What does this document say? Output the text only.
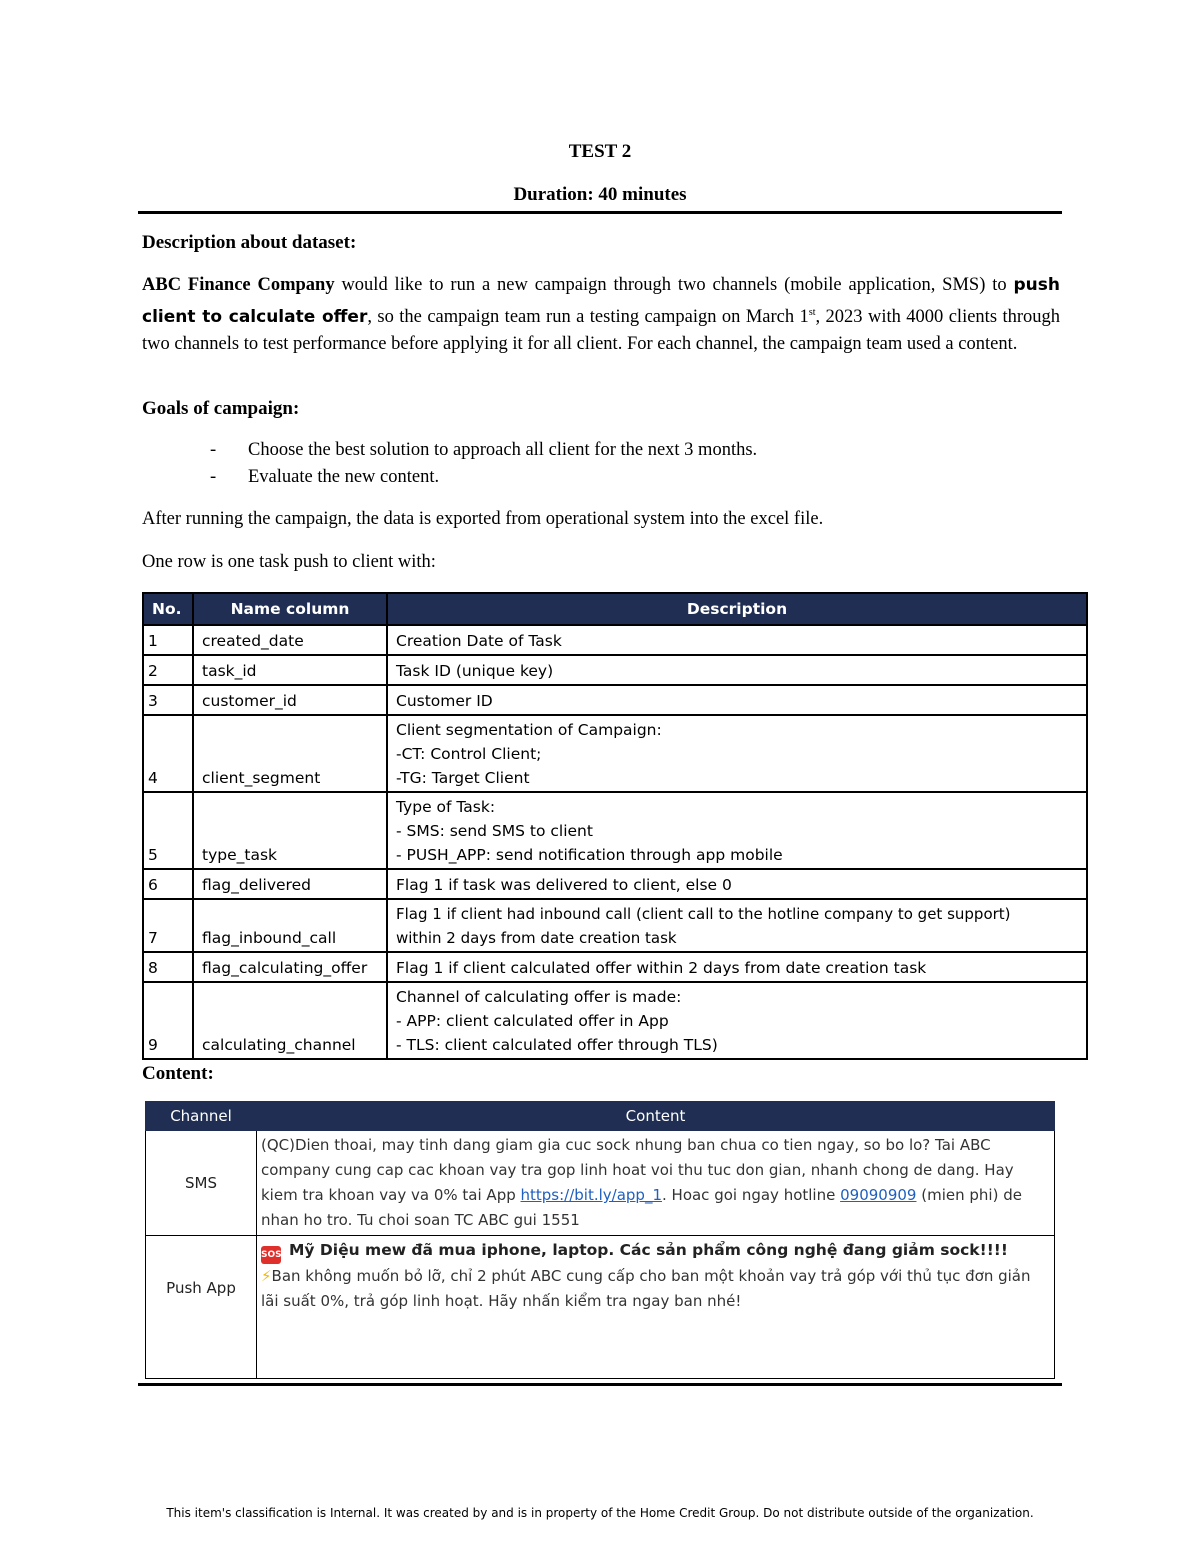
TEST 2
Duration: 40 minutes
Description about dataset:

ABC Finance Company would like to run a new campaign through two channels (mobile application, SMS) to push client to calculate offer, so the campaign team run a testing campaign on March 1st, 2023 with 4000 clients through two channels to test performance before applying it for all client. For each channel, the campaign team used a content.

Goals of campaign:
- Choose the best solution to approach all client for the next 3 months.
- Evaluate the new content.
After running the campaign, the data is exported from operational system into the excel file.
One row is one task push to client with:
No.	Name column	Description
1	created_date	Creation Date of Task
2	task_id	Task ID (unique key)
3	customer_id	Customer ID
4	client_segment	Client segmentation of Campaign:
-CT: Control Client;
-TG: Target Client

5	type_task	Type of Task:
- SMS: send SMS to client
- PUSH_APP: send notification through app mobile

6	flag_delivered	Flag 1 if task was delivered to client, else 0
7	flag_inbound_call	Flag 1 if client had inbound call (client call to the hotline company to get support)
within 2 days from date creation task

8	flag_calculating_offer	Flag 1 if client calculated offer within 2 days from date creation task
9	calculating_channel	Channel of calculating offer is made:
- APP: client calculated offer in App
- TLS: client calculated offer through TLS)
Content:
Channel	Content
SMS	(QC)Dien thoai, may tinh dang giam gia cuc sock nhung ban chua co tien ngay, so bo lo? Tai ABC company cung cap cac khoan vay tra gop linh hoat voi thu tuc don gian, nhanh chong de dang. Hay kiem tra khoan vay va 0% tai App https://bit.ly/app_1. Hoac goi ngay hotline 09090909 (mien phi) de nhan ho tro. Tu choi soan TC ABC gui 1551
Push App	SOS Mỹ Diệu mew đã mua iphone, laptop. Các sản phẩm công nghệ đang giảm sock!!!!
⚡Ban không muốn bỏ lỡ, chỉ 2 phút ABC cung cấp cho ban một khoản vay trả góp với thủ tục đơn giản lãi suất 0%, trả góp linh hoạt. Hãy nhấn kiểm tra ngay ban nhé!
This item's classification is Internal. It was created by and is in property of the Home Credit Group. Do not distribute outside of the organization.
